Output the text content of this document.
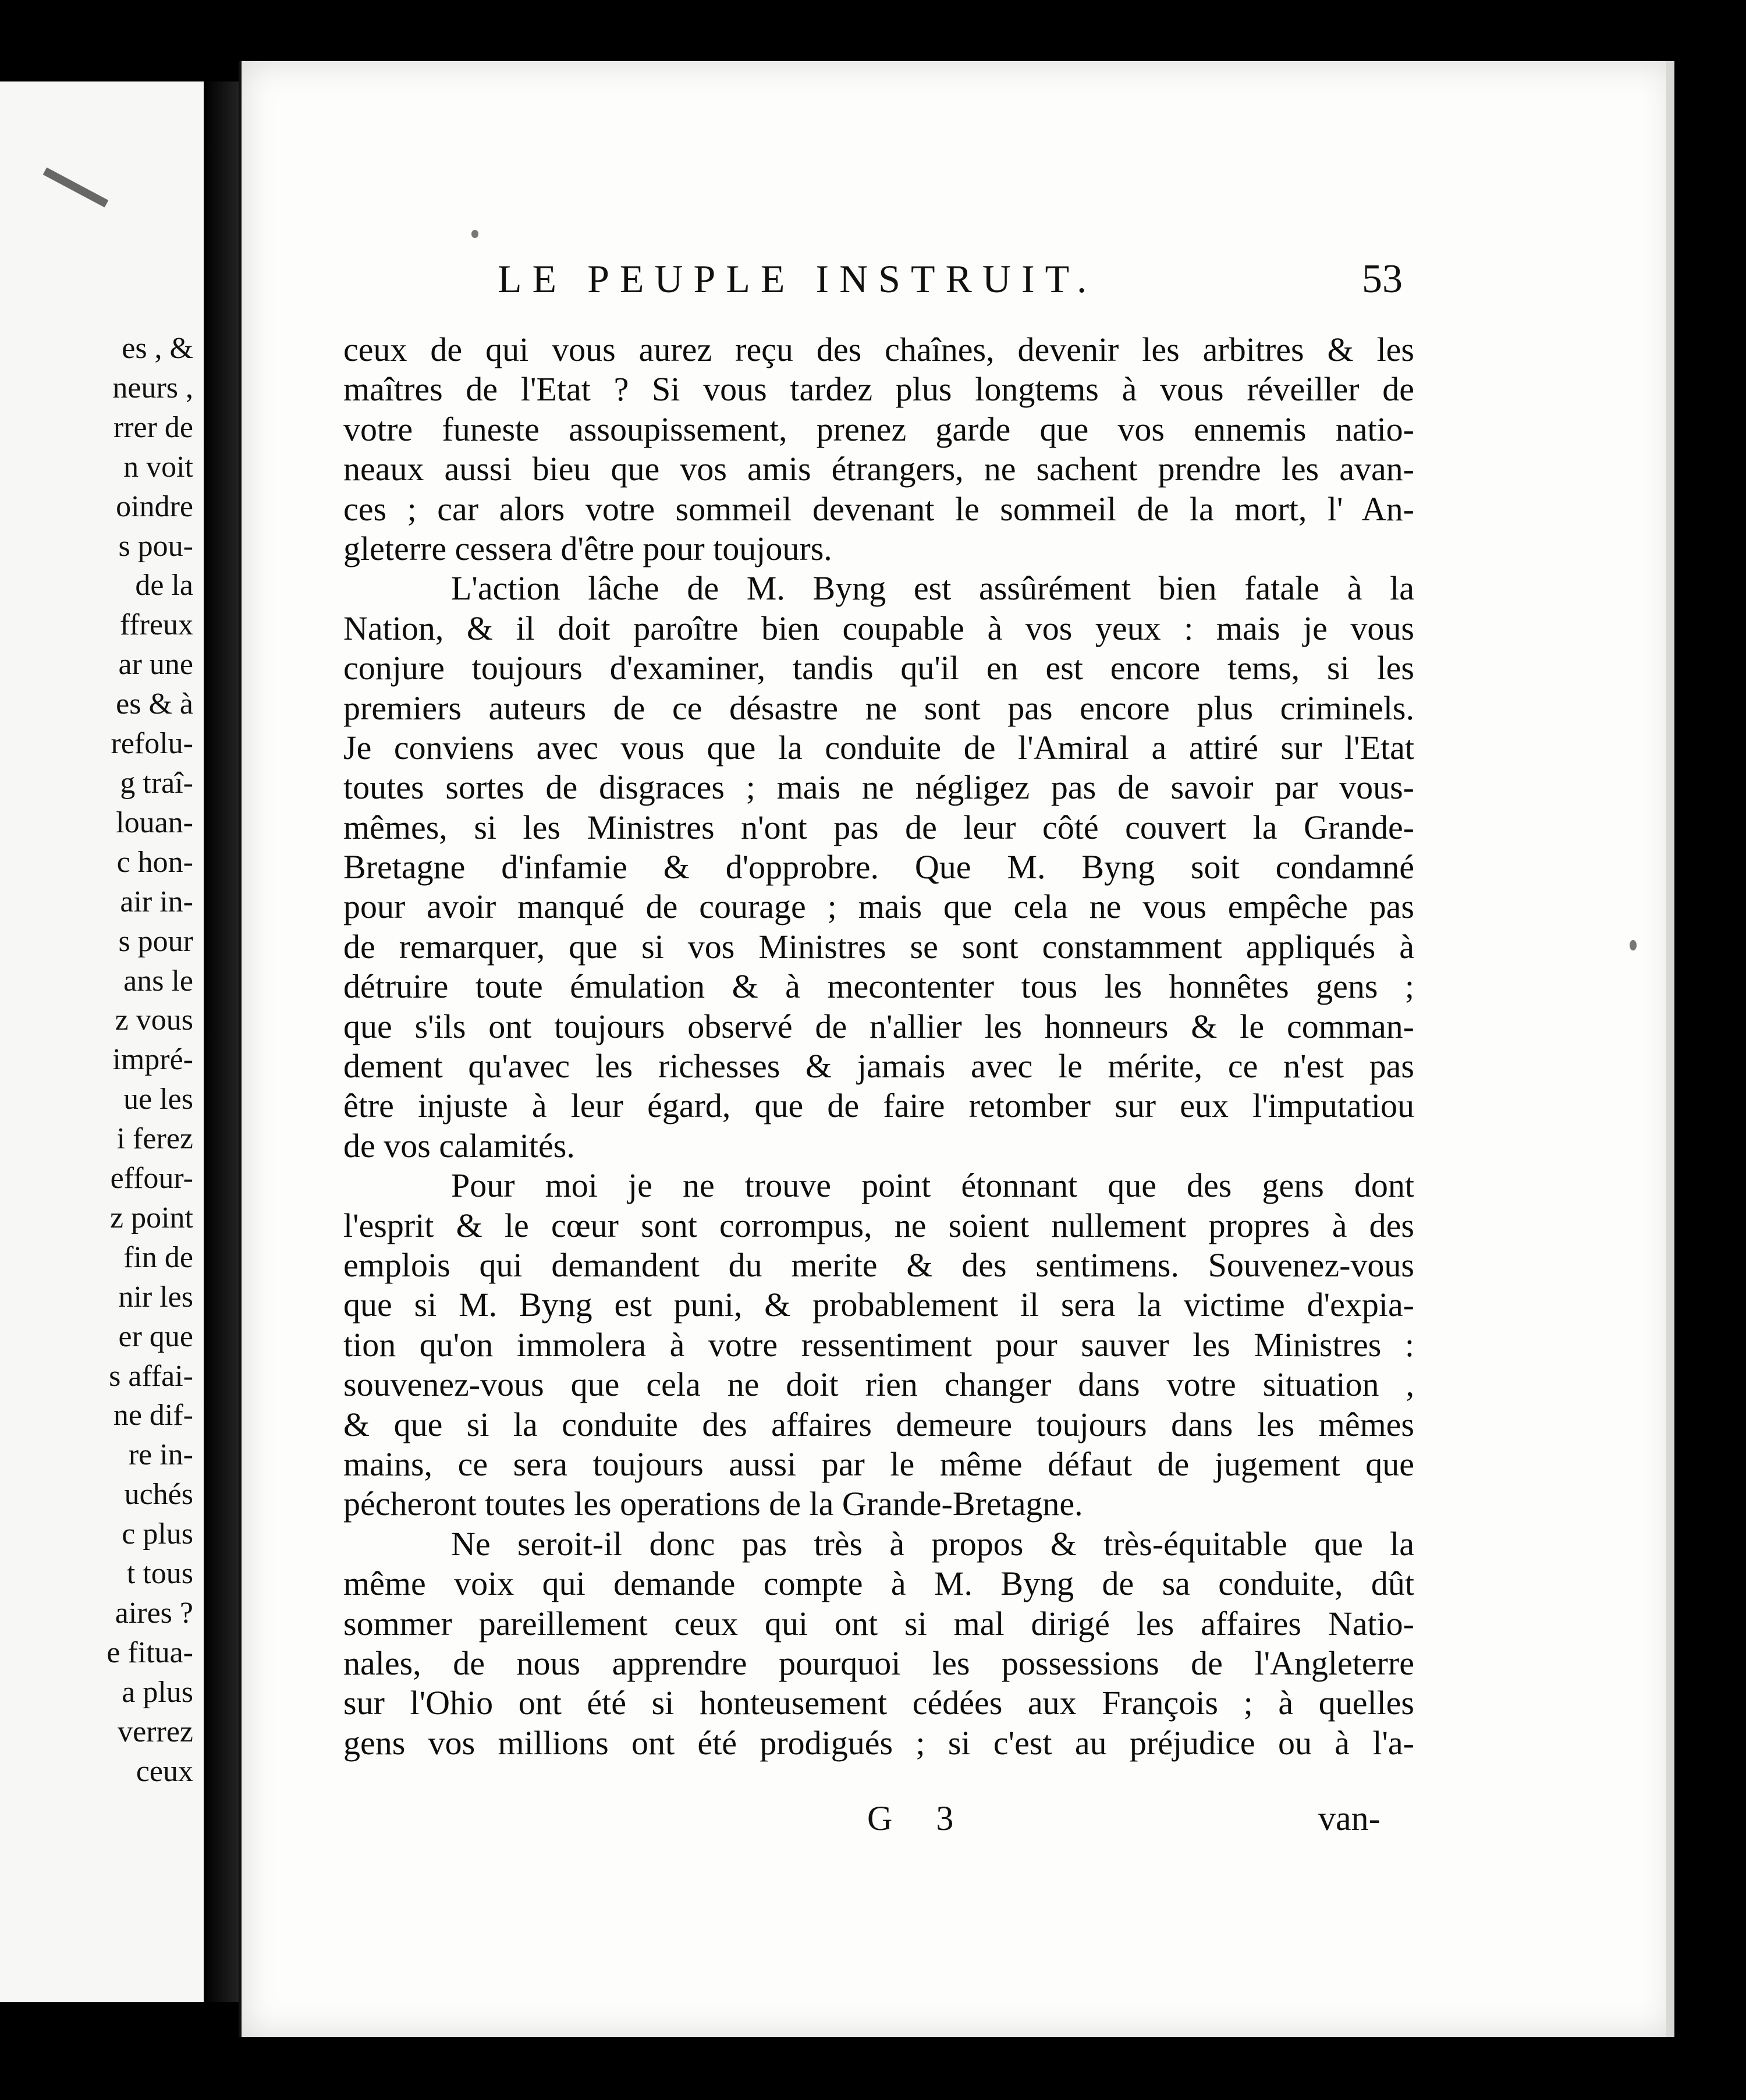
es , &
neurs ,
rrer de
n voit
oindre
s pou-
de la
ffreux
ar une
es & à
refolu-
g traî-
louan-
c hon-
air in-
s pour
ans le
z vous
impré-
ue les
i ferez
effour-
z point
fin de
nir les
er que
s affai-
ne dif-
re in-
uchés
c plus
t tous
aires ?
e fitua-
a plus
verrez
ceux
LE PEUPLE INSTRUIT.	53
ceux de qui vous aurez reçu des chaînes, devenir les arbitres & les
maîtres de l'Etat ? Si vous tardez plus longtems à vous réveiller de
votre funeste assoupissement, prenez garde que vos ennemis natio-
neaux aussi bieu que vos amis étrangers, ne sachent prendre les avan-
ces ; car alors votre sommeil devenant le sommeil de la mort, l' An-
gleterre cessera d'être pour toujours.
L'action lâche de M. Byng est assûrément bien fatale à la
Nation, & il doit paroître bien coupable à vos yeux : mais je vous
conjure toujours d'examiner, tandis qu'il en est encore tems, si les
premiers auteurs de ce désastre ne sont pas encore plus criminels.
Je conviens avec vous que la conduite de l'Amiral a attiré sur l'Etat
toutes sortes de disgraces ; mais ne négligez pas de savoir par vous-
mêmes, si les Ministres n'ont pas de leur côté couvert la Grande-
Bretagne d'infamie & d'opprobre. Que M. Byng soit condamné
pour avoir manqué de courage ; mais que cela ne vous empêche pas
de remarquer, que si vos Ministres se sont constamment appliqués à
détruire toute émulation & à mecontenter tous les honnêtes gens ;
que s'ils ont toujours observé de n'allier les honneurs & le comman-
dement qu'avec les richesses & jamais avec le mérite, ce n'est pas
être injuste à leur égard, que de faire retomber sur eux l'imputatiou
de vos calamités.
Pour moi je ne trouve point étonnant que des gens dont
l'esprit & le cœur sont corrompus, ne soient nullement propres à des
emplois qui demandent du merite & des sentimens. Souvenez-vous
que si M. Byng est puni, & probablement il sera la victime d'expia-
tion qu'on immolera à votre ressentiment pour sauver les Ministres :
souvenez-vous que cela ne doit rien changer dans votre situation ,
& que si la conduite des affaires demeure toujours dans les mêmes
mains, ce sera toujours aussi par le même défaut de jugement que
pécheront toutes les operations de la Grande-Bretagne.
Ne seroit-il donc pas très à propos & très-équitable que la
même voix qui demande compte à M. Byng de sa conduite, dût
sommer pareillement ceux qui ont si mal dirigé les affaires Natio-
nales, de nous apprendre pourquoi les possessions de l'Angleterre
sur l'Ohio ont été si honteusement cédées aux François ; à quelles
gens vos millions ont été prodigués ; si c'est au préjudice ou à l'a-
G 3	van-
